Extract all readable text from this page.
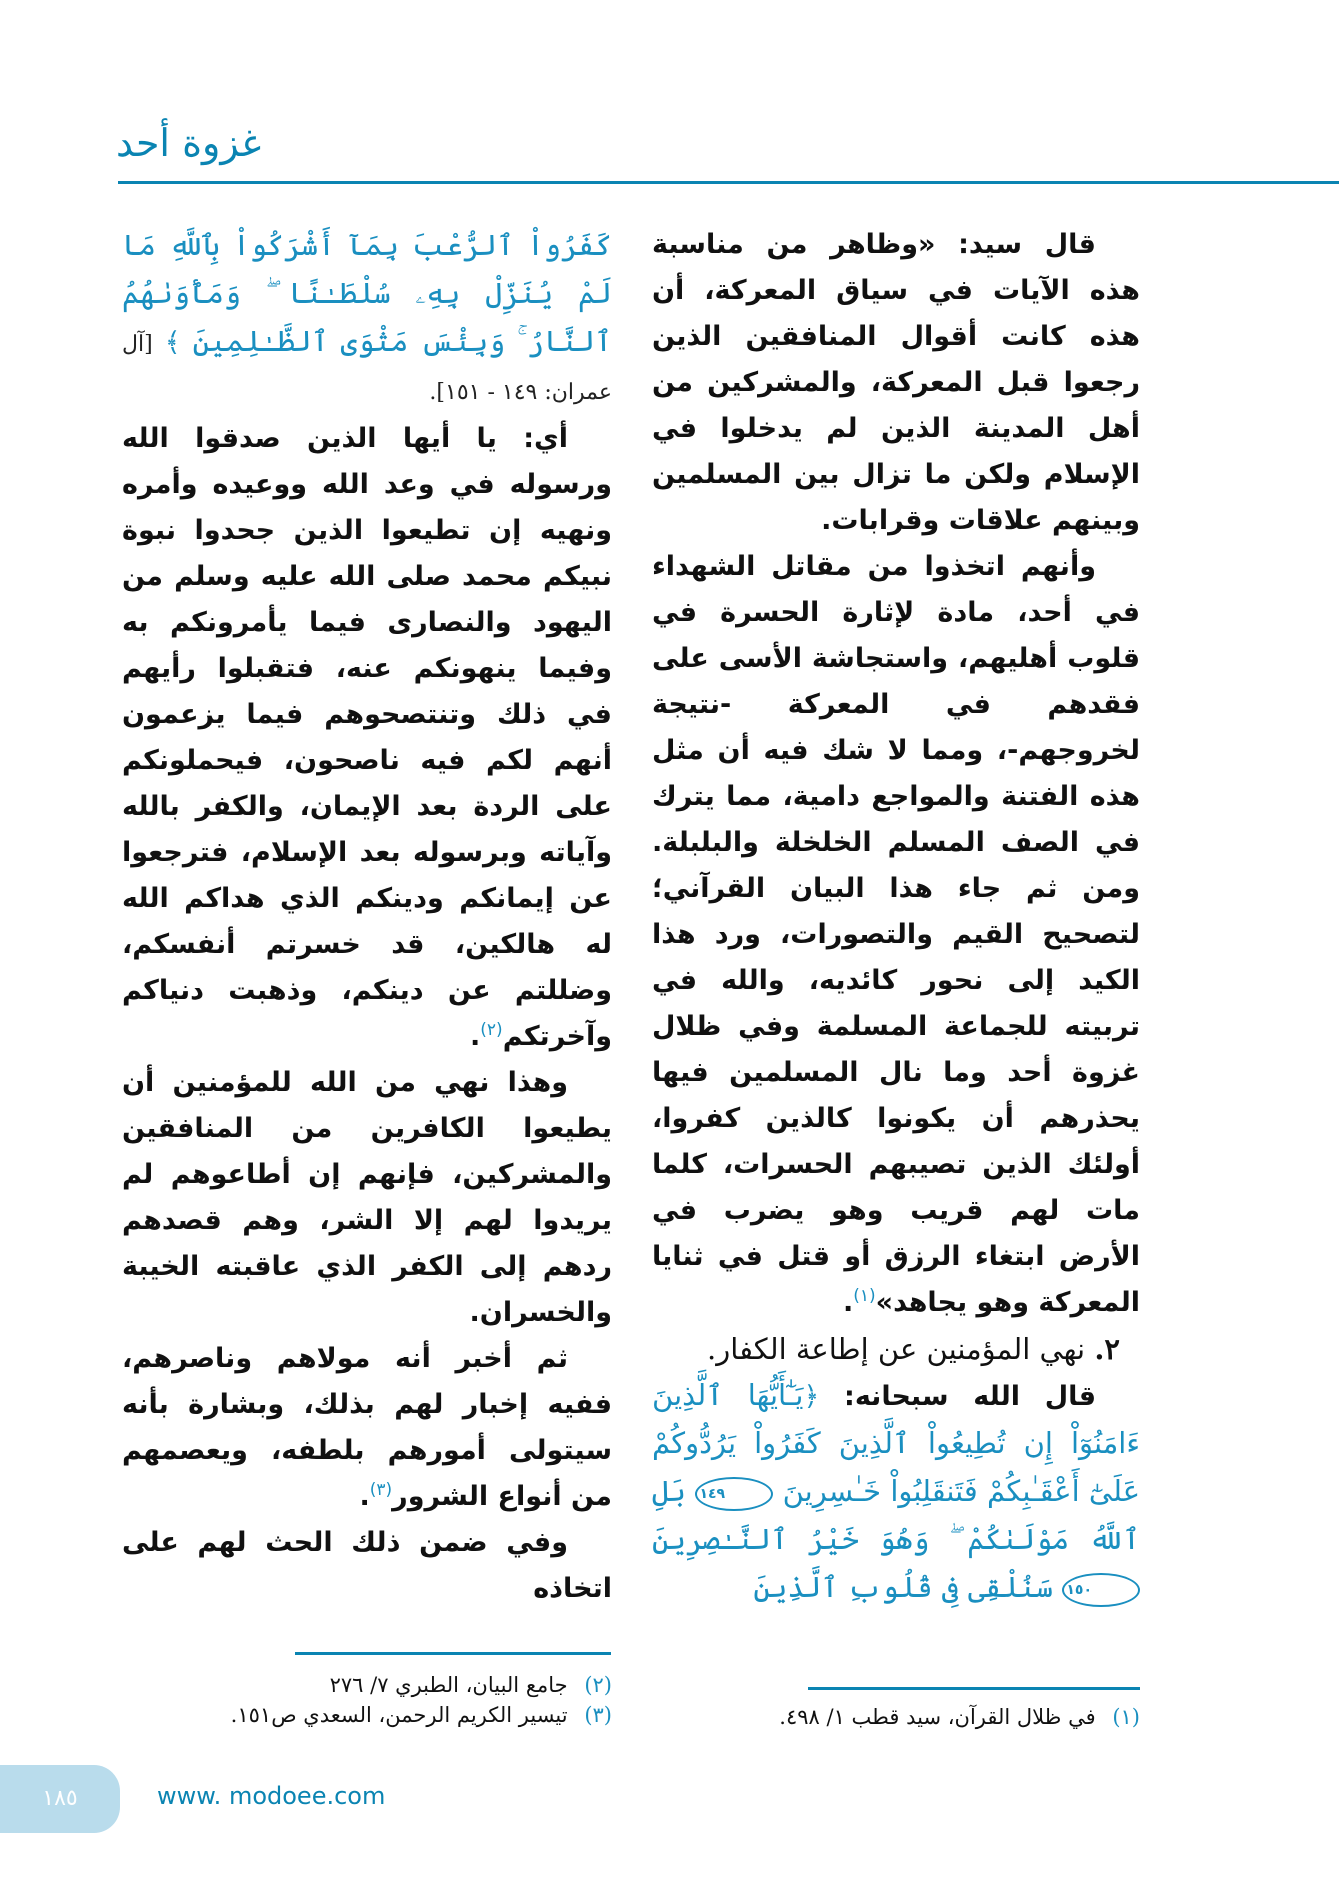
غزوة أحد

قال سيد: «وظاهر من مناسبة هذه الآيات في سياق المعركة، أن هذه كانت أقوال المنافقين الذين رجعوا قبل المعركة، والمشركين من أهل المدينة الذين لم يدخلوا في الإسلام ولكن ما تزال بين المسلمين وبينهم علاقات وقرابات.

وأنهم اتخذوا من مقاتل الشهداء في أحد، مادة لإثارة الحسرة في قلوب أهليهم، واستجاشة الأسى على فقدهم في المعركة -نتيجة لخروجهم-، ومما لا شك فيه أن مثل هذه الفتنة والمواجع دامية، مما يترك في الصف المسلم الخلخلة والبلبلة. ومن ثم جاء هذا البيان القرآني؛ لتصحيح القيم والتصورات، ورد هذا الكيد إلى نحور كائديه، والله في تربيته للجماعة المسلمة وفي ظلال غزوة أحد وما نال المسلمين فيها يحذرهم أن يكونوا كالذين كفروا، أولئك الذين تصيبهم الحسرات، كلما مات لهم قريب وهو يضرب في الأرض ابتغاء الرزق أو قتل في ثنايا المعركة وهو يجاهد»$^{(١)}$.

٢. نهي المؤمنين عن إطاعة الكفار.

قال الله سبحانه: ﴿يَـٰٓأَيُّهَا ٱلَّذِينَ ءَامَنُوٓاْ إِن تُطِيعُواْ ٱلَّذِينَ كَفَرُواْ يَرُدُّوكُمْ عَلَىٰٓ أَعْقَـٰبِكُمْ فَتَنقَلِبُواْ خَـٰسِرِينَ ١٤٩ بَلِ ٱللَّهُ مَوْلَىٰكُمْ ۖ وَهُوَ خَيْرُ ٱلنَّـٰصِرِينَ ١٥٠ سَنُلْقِى فِى قُلُوبِ ٱلَّذِينَ

كَفَرُواْ ٱلرُّعْبَ بِمَآ أَشْرَكُواْ بِٱللَّهِ مَا لَمْ يُنَزِّلْ بِهِۦ سُلْطَـٰنًا ۖ وَمَأْوَىٰهُمُ ٱلنَّارُ ۚ وَبِئْسَ مَثْوَى ٱلظَّـٰلِمِينَ ﴾ [آل عمران: ١٤٩ - ١٥١].

أي: يا أيها الذين صدقوا الله ورسوله في وعد الله ووعيده وأمره ونهيه إن تطيعوا الذين جحدوا نبوة نبيكم محمد صلى الله عليه وسلم من اليهود والنصارى فيما يأمرونكم به وفيما ينهونكم عنه، فتقبلوا رأيهم في ذلك وتنتصحوهم فيما يزعمون أنهم لكم فيه ناصحون، فيحملونكم على الردة بعد الإيمان، والكفر بالله وآياته وبرسوله بعد الإسلام، فترجعوا عن إيمانكم ودينكم الذي هداكم الله له هالكين، قد خسرتم أنفسكم، وضللتم عن دينكم، وذهبت دنياكم وآخرتكم$^{(٢)}$.

وهذا نهي من الله للمؤمنين أن يطيعوا الكافرين من المنافقين والمشركين، فإنهم إن أطاعوهم لم يريدوا لهم إلا الشر، وهم قصدهم ردهم إلى الكفر الذي عاقبته الخيبة والخسران.

ثم أخبر أنه مولاهم وناصرهم، ففيه إخبار لهم بذلك، وبشارة بأنه سيتولى أمورهم بلطفه، ويعصمهم من أنواع الشرور$^{(٣)}$.

وفي ضمن ذلك الحث لهم على اتخاذه

(١) في ظلال القرآن، سيد قطب ١/ ٤٩٨.
(٢) جامع البيان، الطبري ٧/ ٢٧٦
(٣) تيسير الكريم الرحمن، السعدي ص١٥١.
١٨٥	www. modoee.com
